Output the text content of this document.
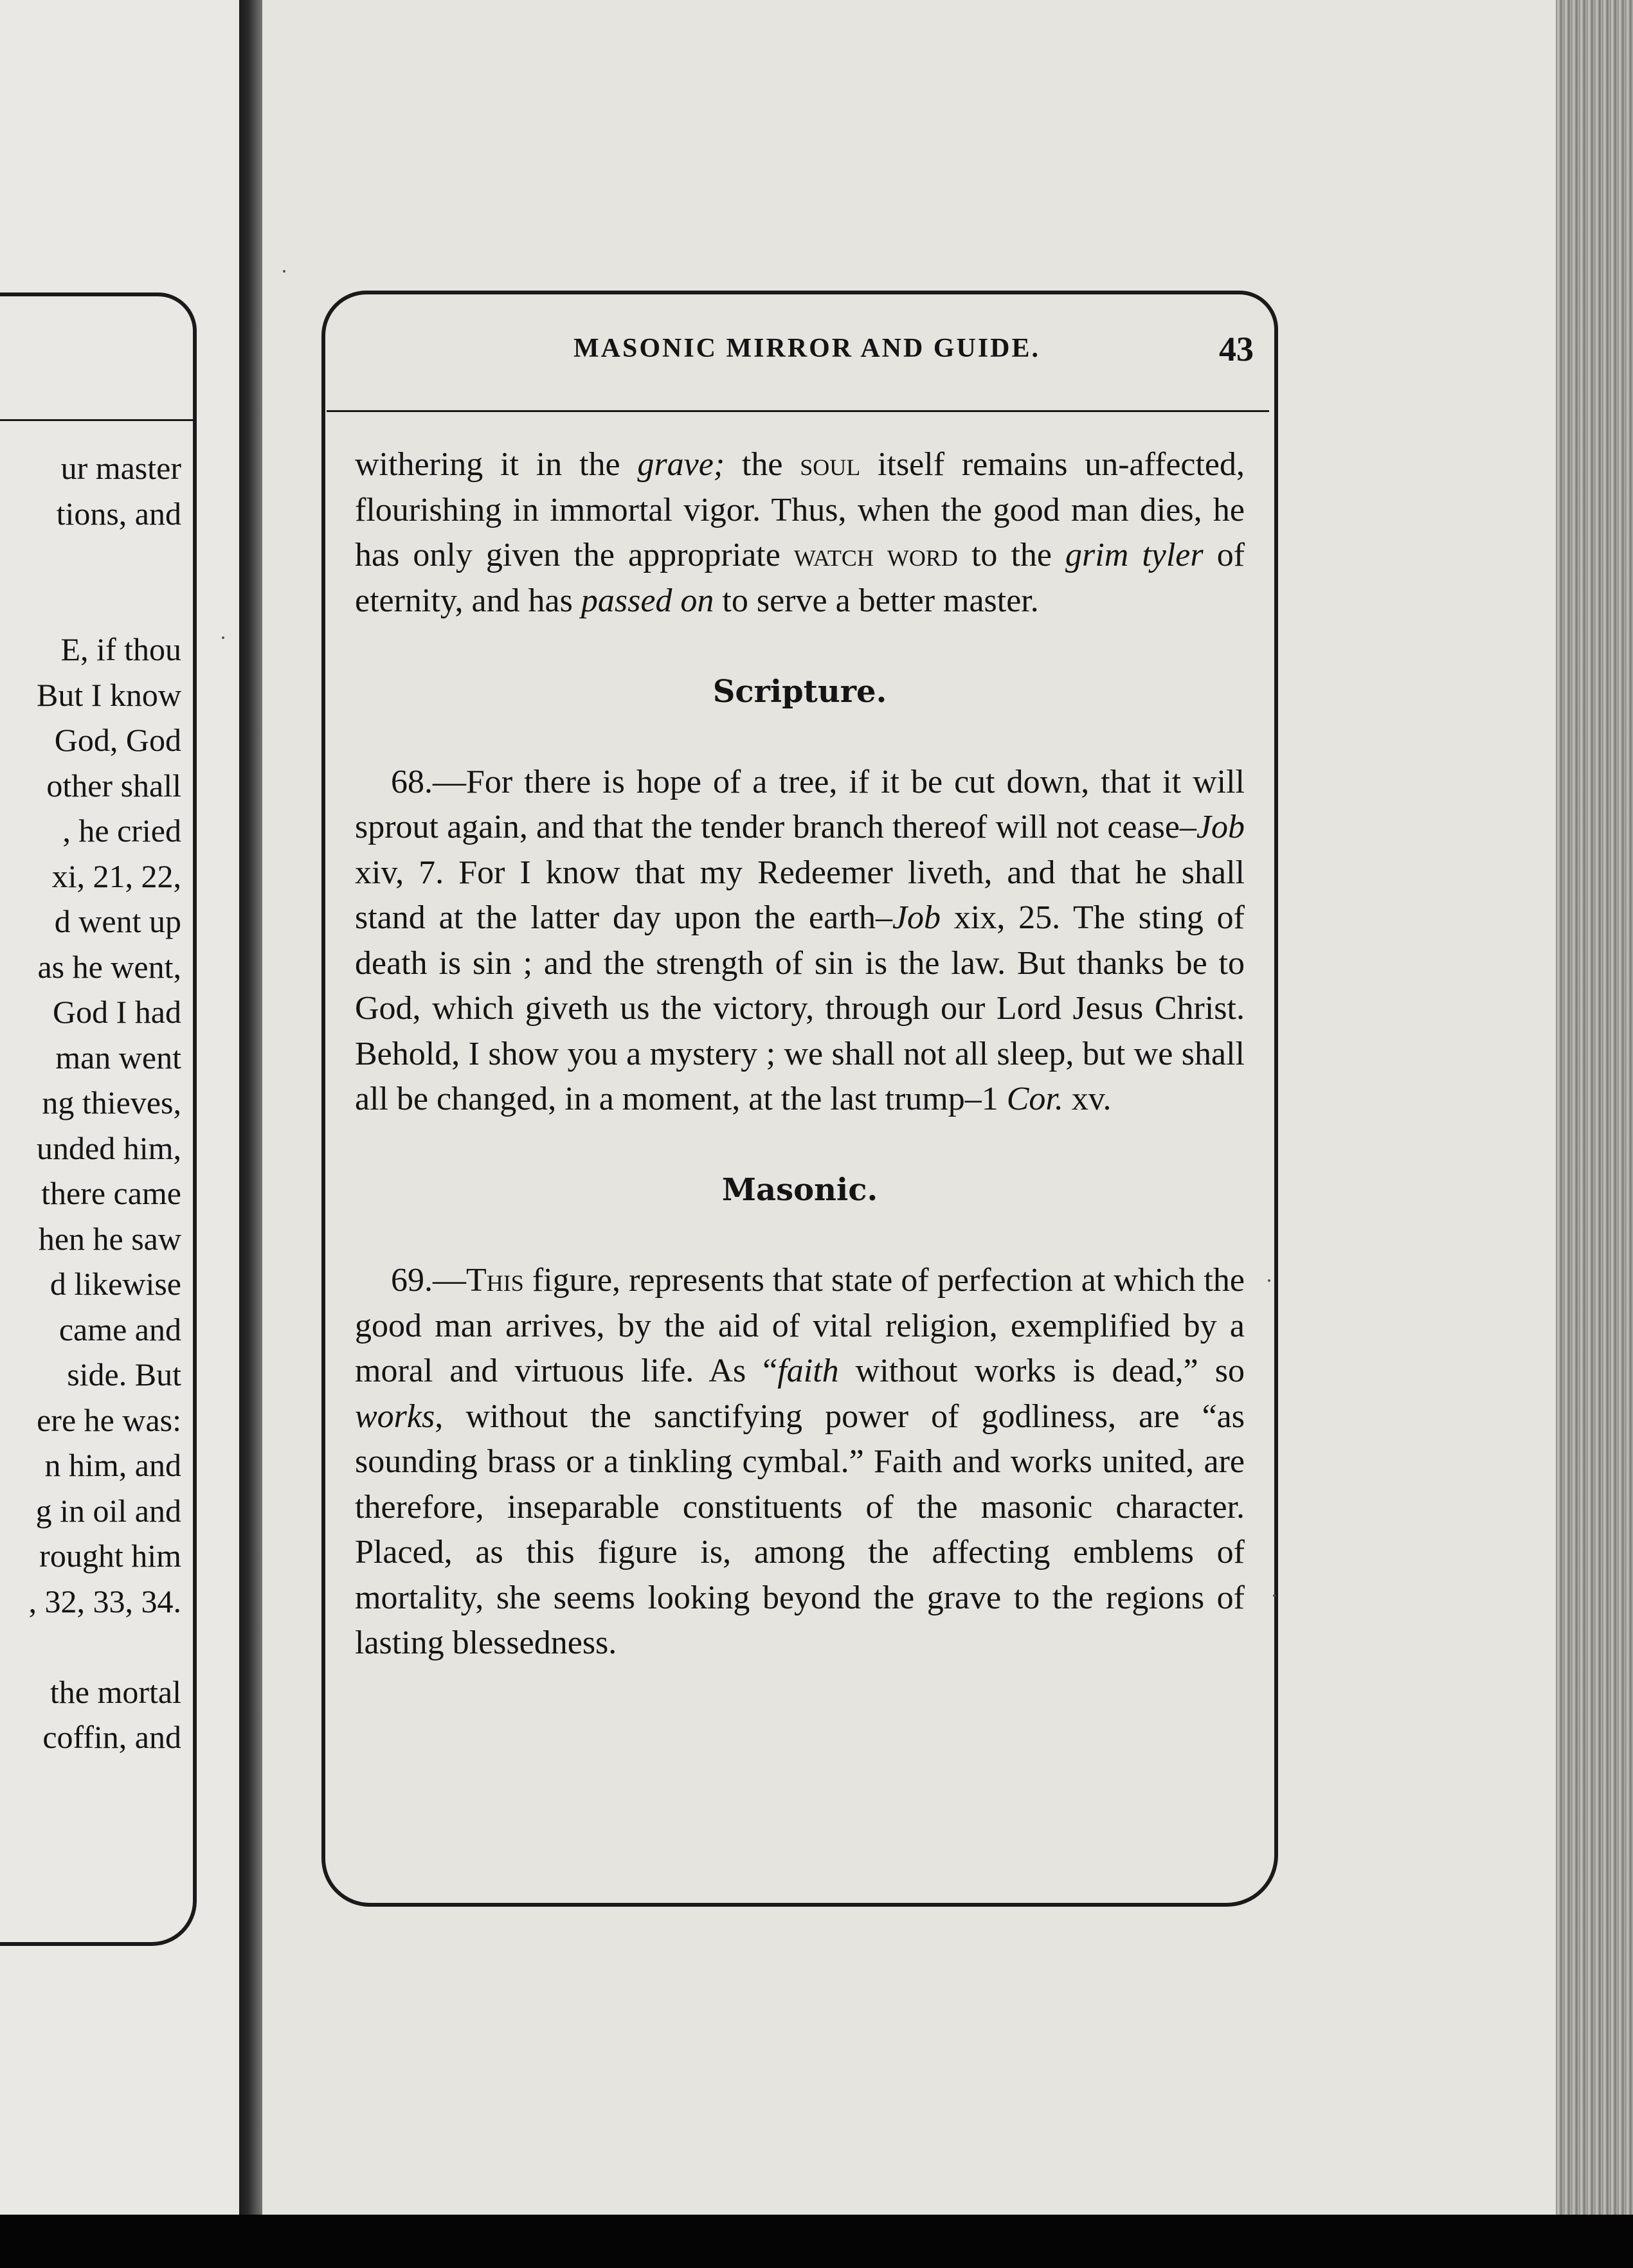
ur master
tions, and
E, if thou
But I know
God, God
other shall
, he cried
xi, 21, 22,
d went up
as he went,
God I had
man went
ng thieves,
unded him,
there came
hen he saw
d likewise
came and
side. But
ere he was:
n him, and
g in oil and
rought him
, 32, 33, 34.
the mortal
coffin, and
MASONIC MIRROR AND GUIDE.	43

withering it in the grave; the soul itself remains un-affected, flourishing in immortal vigor. Thus, when the good man dies, he has only given the appropriate watch word to the grim tyler of eternity, and has passed on to serve a better master.

Scripture.

68.—For there is hope of a tree, if it be cut down, that it will sprout again, and that the tender branch thereof will not cease–Job xiv, 7. For I know that my Redeemer liveth, and that he shall stand at the latter day upon the earth–Job xix, 25. The sting of death is sin ; and the strength of sin is the law. But thanks be to God, which giveth us the victory, through our Lord Jesus Christ. Behold, I show you a mystery ; we shall not all sleep, but we shall all be changed, in a moment, at the last trump–1 Cor. xv.

Masonic.

69.—This figure, represents that state of perfection at which the good man arrives, by the aid of vital religion, exemplified by a moral and virtuous life. As “faith without works is dead,” so works, without the sanctifying power of godliness, are “as sounding brass or a tinkling cymbal.” Faith and works united, are therefore, inseparable constituents of the masonic character. Placed, as this figure is, among the affecting emblems of mortality, she seems looking beyond the grave to the regions of lasting blessedness.
